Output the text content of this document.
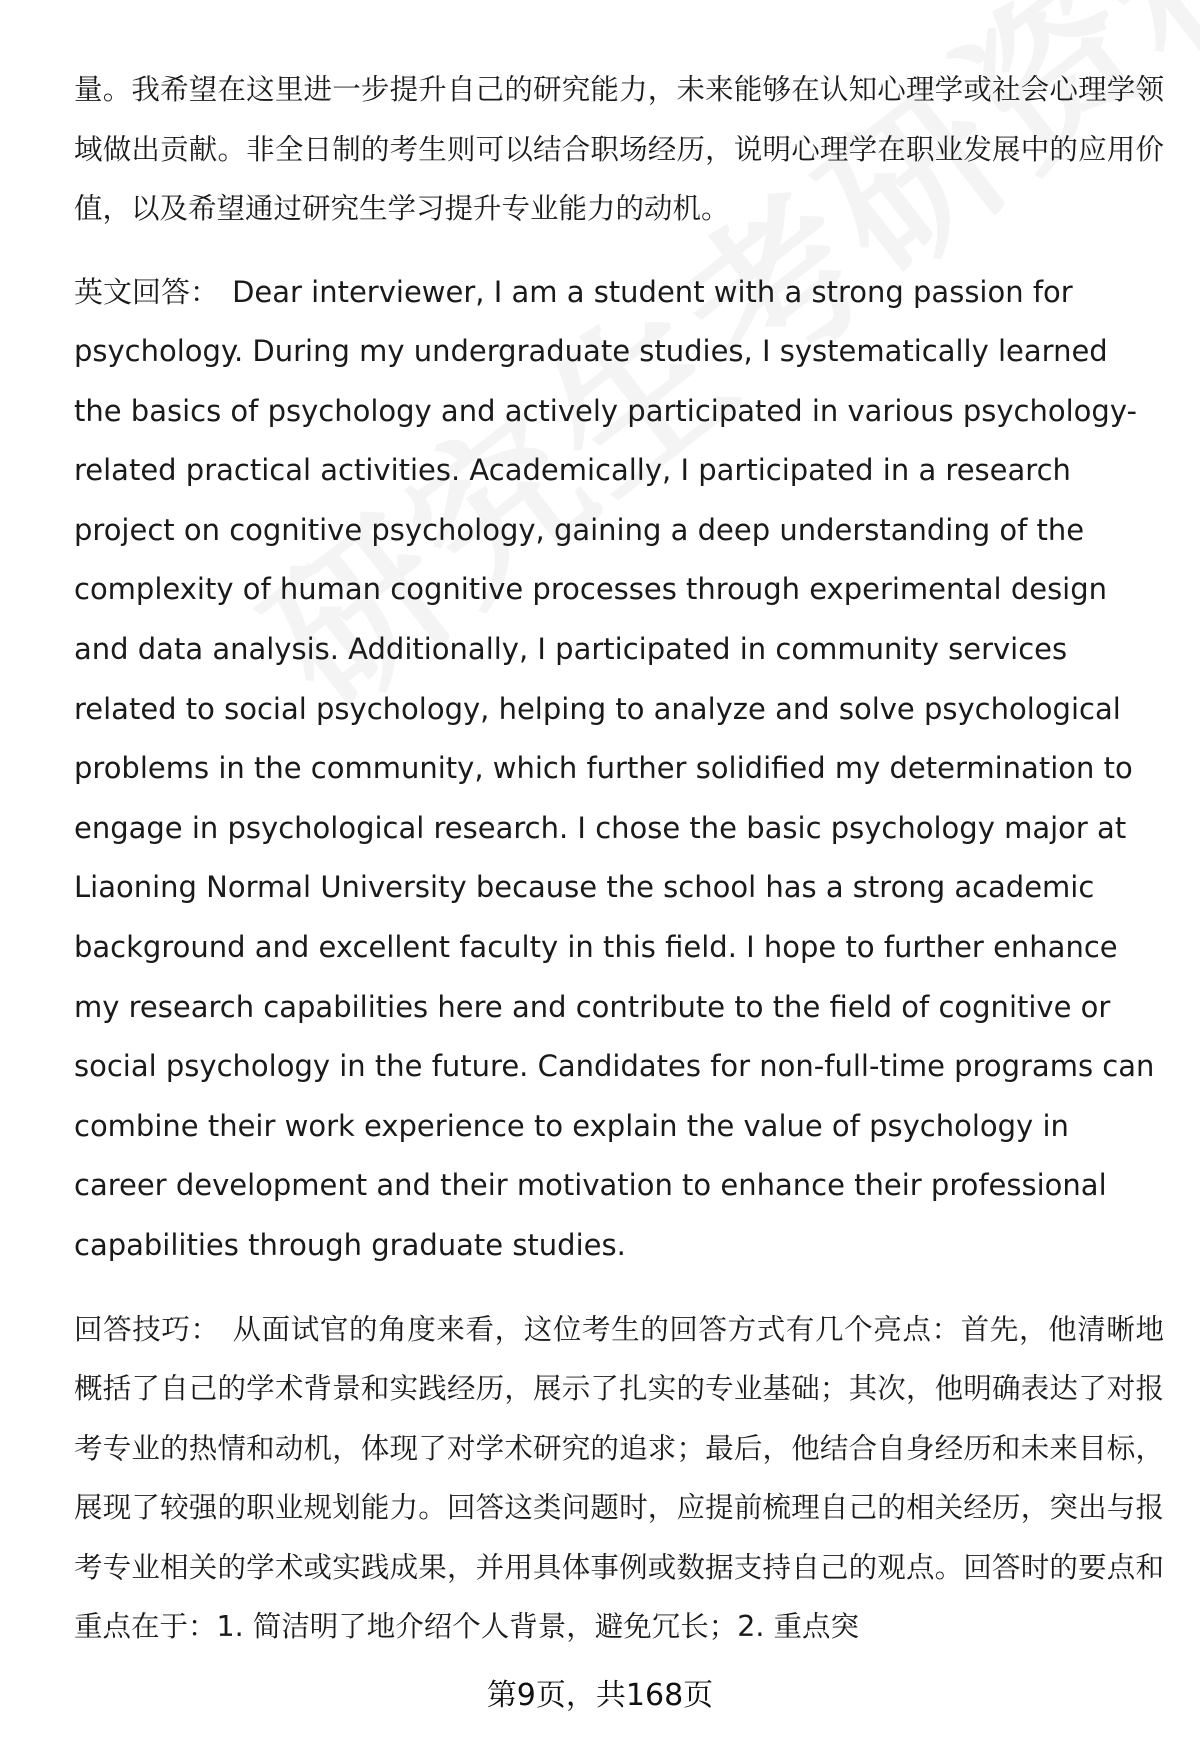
量。我希望在这里进一步提升自己的研究能力，未来能够在认知心理学或社会心理学领域做出贡献。非全日制的考生则可以结合职场经历，说明心理学在职业发展中的应用价值，以及希望通过研究生学习提升专业能力的动机。

英文回答： Dear interviewer, I am a student with a strong passion for psychology. During my undergraduate studies, I systematically learned the basics of psychology and actively participated in various psychology-related practical activities. Academically, I participated in a research project on cognitive psychology, gaining a deep understanding of the complexity of human cognitive processes through experimental design and data analysis. Additionally, I participated in community services related to social psychology, helping to analyze and solve psychological problems in the community, which further solidified my determination to engage in psychological research. I chose the basic psychology major at Liaoning Normal University because the school has a strong academic background and excellent faculty in this field. I hope to further enhance my research capabilities here and contribute to the field of cognitive or social psychology in the future. Candidates for non-full-time programs can combine their work experience to explain the value of psychology in career development and their motivation to enhance their professional capabilities through graduate studies.

回答技巧： 从面试官的角度来看，这位考生的回答方式有几个亮点：首先，他清晰地概括了自己的学术背景和实践经历，展示了扎实的专业基础；其次，他明确表达了对报考专业的热情和动机，体现了对学术研究的追求；最后，他结合自身经历和未来目标，展现了较强的职业规划能力。回答这类问题时，应提前梳理自己的相关经历，突出与报考专业相关的学术或实践成果，并用具体事例或数据支持自己的观点。回答时的要点和重点在于：1. 简洁明了地介绍个人背景，避免冗长；2. 重点突

第9页，共168页
